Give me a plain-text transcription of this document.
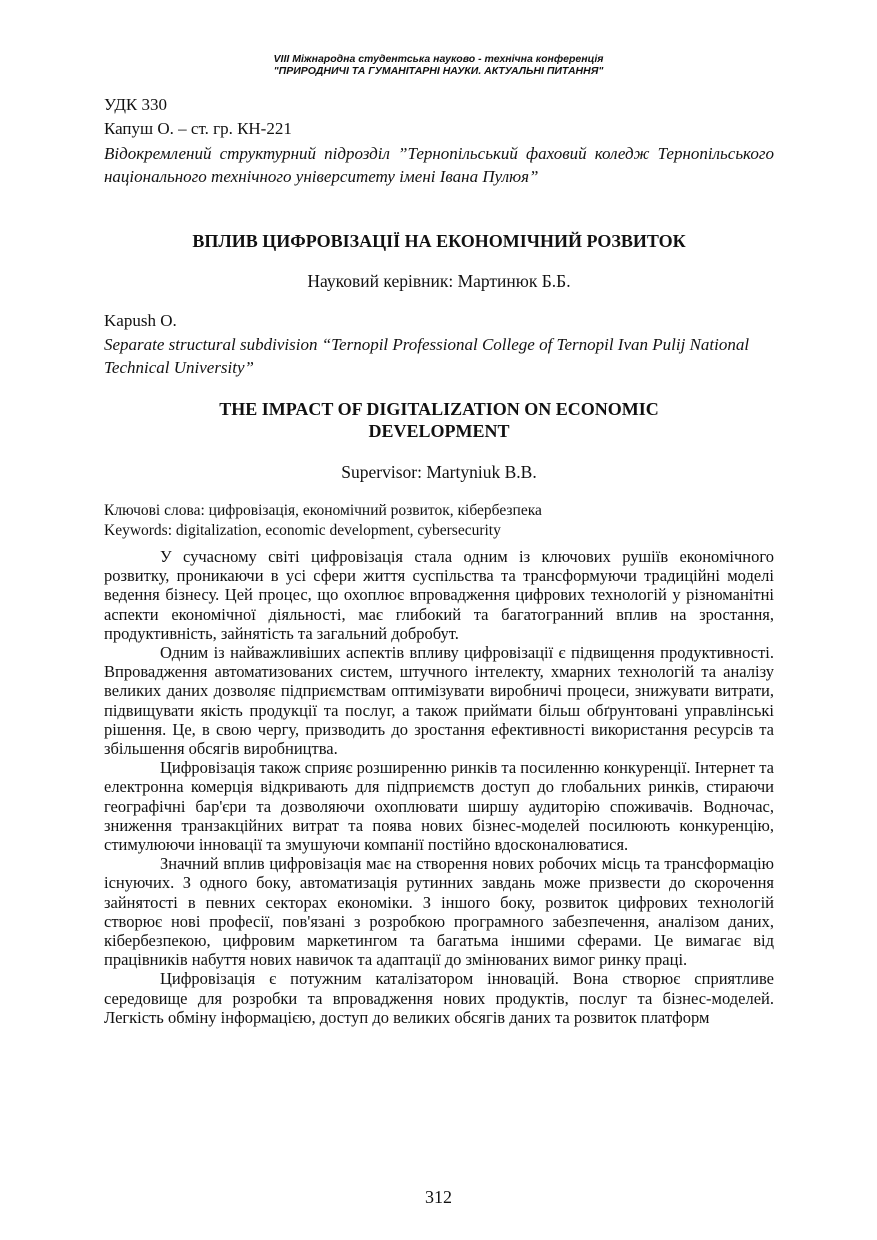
VIII Міжнародна студентська науково - технічна конференція
"ПРИРОДНИЧІ ТА ГУМАНІТАРНІ НАУКИ. АКТУАЛЬНІ ПИТАННЯ"
УДК 330
Капуш О. – ст. гр. КН-221
Відокремлений структурний підрозділ ”Тернопільський фаховий коледж Тернопільського національного технічного університету імені Івана Пулюя”
ВПЛИВ ЦИФРОВІЗАЦІЇ НА ЕКОНОМІЧНИЙ РОЗВИТОК
Науковий керівник: Мартинюк Б.Б.
Kapush O.
Separate structural subdivision “Ternopil Professional College of Ternopil Ivan Pulij National Technical University”
THE IMPACT OF DIGITALIZATION ON ECONOMIC
DEVELOPMENT
Supervisor: Martyniuk B.B.
Ключові слова: цифровізація, економічний розвиток, кібербезпека
Keywords: digitalization, economic development, cybersecurity

У сучасному світі цифровізація стала одним із ключових рушіїв економічного розвитку, проникаючи в усі сфери життя суспільства та трансформуючи традиційні моделі ведення бізнесу. Цей процес, що охоплює впровадження цифрових технологій у різноманітні аспекти економічної діяльності, має глибокий та багатогранний вплив на зростання, продуктивність, зайнятість та загальний добробут.

Одним із найважливіших аспектів впливу цифровізації є підвищення продуктивності. Впровадження автоматизованих систем, штучного інтелекту, хмарних технологій та аналізу великих даних дозволяє підприємствам оптимізувати виробничі процеси, знижувати витрати, підвищувати якість продукції та послуг, а також приймати більш обґрунтовані управлінські рішення. Це, в свою чергу, призводить до зростання ефективності використання ресурсів та збільшення обсягів виробництва.

Цифровізація також сприяє розширенню ринків та посиленню конкуренції. Інтернет та електронна комерція відкривають для підприємств доступ до глобальних ринків, стираючи географічні бар'єри та дозволяючи охоплювати ширшу аудиторію споживачів. Водночас, зниження транзакційних витрат та поява нових бізнес-моделей посилюють конкуренцію, стимулюючи інновації та змушуючи компанії постійно вдосконалюватися.

Значний вплив цифровізація має на створення нових робочих місць та трансформацію існуючих. З одного боку, автоматизація рутинних завдань може призвести до скорочення зайнятості в певних секторах економіки. З іншого боку, розвиток цифрових технологій створює нові професії, пов'язані з розробкою програмного забезпечення, аналізом даних, кібербезпекою, цифровим маркетингом та багатьма іншими сферами. Це вимагає від працівників набуття нових навичок та адаптації до змінюваних вимог ринку праці.

Цифровізація є потужним каталізатором інновацій. Вона створює сприятливе середовище для розробки та впровадження нових продуктів, послуг та бізнес-моделей. Легкість обміну інформацією, доступ до великих обсягів даних та розвиток платформ

312
